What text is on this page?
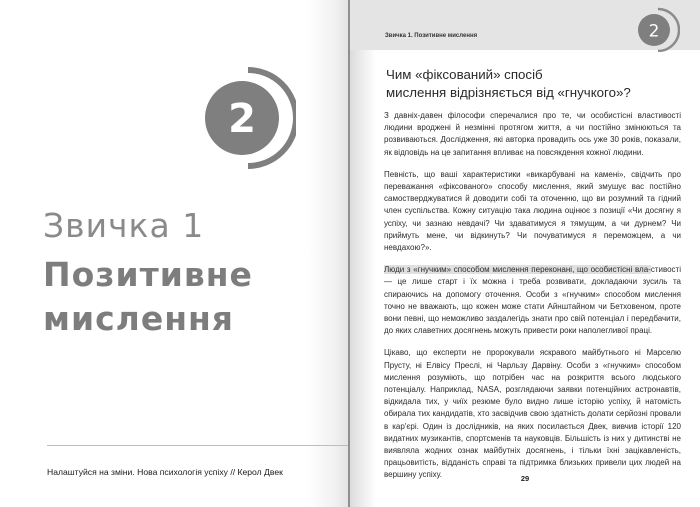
2
Звичка 1
Позитивне мислення
Налаштуйся на зміни. Нова психологія успіху // Керол Двек
Звичка 1. Позитивне мислення	2
Чим «фіксований» спосіб
мислення відрізняється від «гнучкого»?

З давніх-давен філософи сперечалися про те, чи особистісні властивості людини вроджені й незмінні протягом життя, а чи постійно змінюються та розвиваються. Дослідження, які авторка провадить ось уже 30 років, показали, як відповідь на це запитання впливає на повсякдення кожної людини.

Певність, що ваші характеристики «викарбувані на камені», свідчить про переважання «фіксованого» способу мислення, який змушує вас постійно самостверджуватися й доводити собі та оточенню, що ви розумний та гідний член суспільства. Кожну ситуацію така людина оцінює з позиції «Чи досягну я успіху, чи зазнаю невдачі? Чи здаватимуся я тямущим, а чи дурнем? Чи приймуть мене, чи відкинуть? Чи почуватимуся я переможцем, а чи невдахою?».

Люди з «гнучким» способом мислення переконані, що особистісні вла-стивості — це лише старт і їх можна і треба розвивати, докладаючи зусиль та спираючись на допомогу оточення. Особи з «гнучким» способом мислення точно не вважають, що кожен може стати Айнштайном чи Бетховеном, проте вони певні, що неможливо заздалегідь знати про свій потенціал і передбачити, до яких славетних досягнень можуть привести роки наполегливої праці.

Цікаво, що експерти не пророкували яскравого майбутнього ні Марселю Прусту, ні Елвісу Преслі, ні Чарльзу Дарвіну. Особи з «гнучким» способом мислення розуміють, що потрібен час на розкриття всього людського потенціалу. Наприклад, NASA, розглядаючи заявки потенційних астронавтів, відкидала тих, у чиїх резюме було видно лише історію успіху, й натомість обирала тих кандидатів, хто засвідчив свою здатність долати серйозні провали в кар'єрі. Один із дослідників, на яких посилається Двек, вивчив історії 120 видатних музикантів, спортсменів та науковців. Більшість із них у дитинстві не виявляла жодних ознак майбутніх досягнень, і тільки їхні зацікавленість, працьовитість, відданість справі та підтримка близьких привели цих людей на вершину успіху.	29
